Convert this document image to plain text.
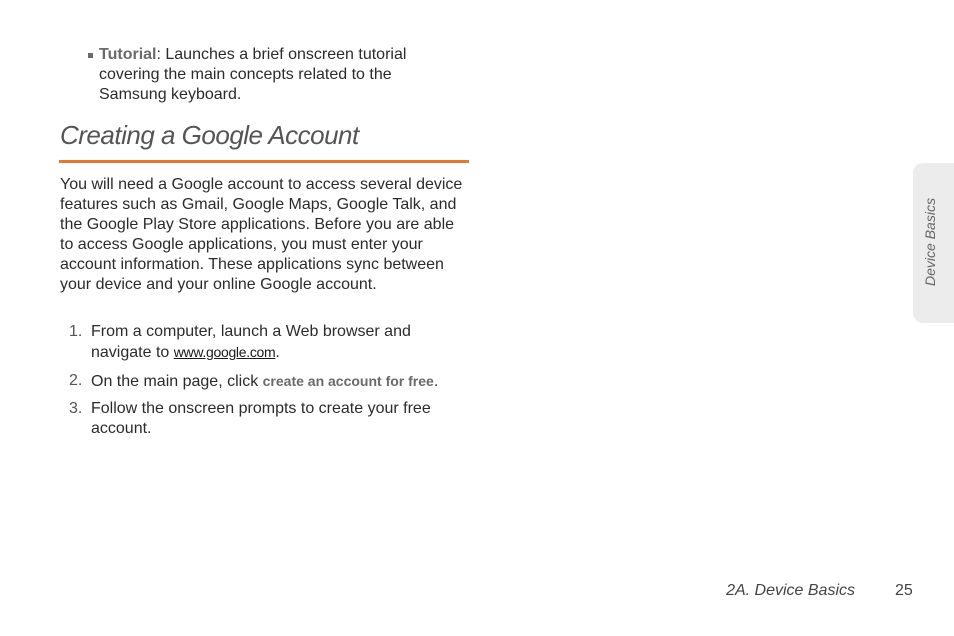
Tutorial: Launches a brief onscreen tutorial covering the main concepts related to the Samsung keyboard.
Creating a Google Account

You will need a Google account to access several device features such as Gmail, Google Maps, Google Talk, and the Google Play Store applications. Before you are able to access Google applications, you must enter your account information. These applications sync between your device and your online Google account.

1. From a computer, launch a Web browser and navigate to www.google.com.
2. On the main page, click create an account for free.
3. Follow the onscreen prompts to create your free account.
Device Basics
2A. Device Basics	25
